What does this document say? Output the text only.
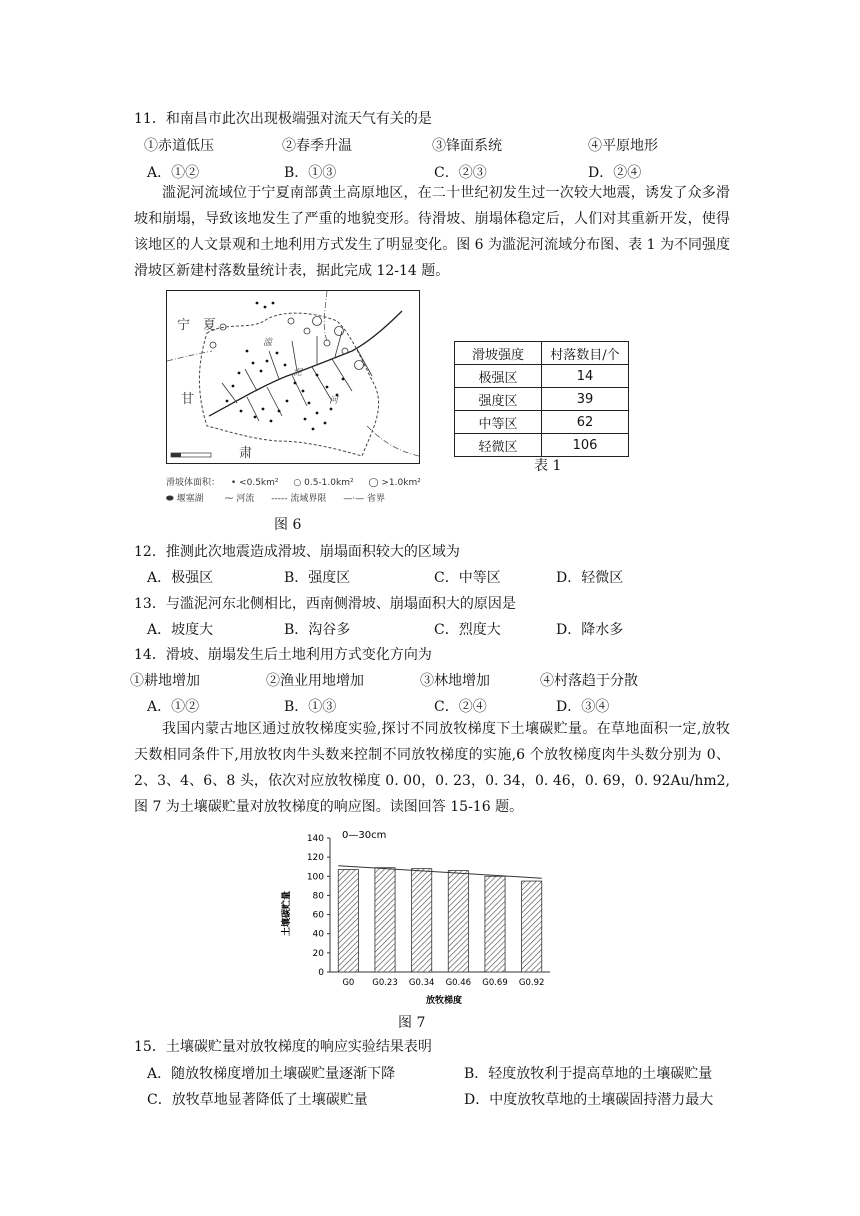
11．和南昌市此次出现极端强对流天气有关的是
①赤道低压	②春季升温	③锋面系统	④平原地形
A．①②	B．①③	C．②③	D．②④
滥泥河流域位于宁夏南部黄土高原地区，在二十世纪初发生过一次较大地震，诱发了众多滑坡和崩塌，导致该地发生了严重的地貌变形。待滑坡、崩塌体稳定后，人们对其重新开发，使得该地区的人文景观和土地利用方式发生了明显变化。图 6 为滥泥河流域分布图、表 1 为不同强度滑坡区新建村落数量统计表，据此完成 12-14 题。
宁 夏
甘
肃
滥
泥
河
滑坡体面积： • <0.5km² ○ 0.5-1.0km² ◯ >1.0km²
⬬ 堰塞湖 ⁓ 河流 ----- 流域界限 —·— 省界
图 6
滑坡强度	村落数目/个
极强区	14
强度区	39
中等区	62
轻微区	106
表 1
12．推测此次地震造成滑坡、崩塌面积较大的区域为
A．极强区	B．强度区	C．中等区	D．轻微区
13．与滥泥河东北侧相比，西南侧滑坡、崩塌面积大的原因是
A．坡度大	B．沟谷多	C．烈度大	D．降水多
14．滑坡、崩塌发生后土地利用方式变化方向为
①耕地增加	②渔业用地增加	③林地增加	④村落趋于分散
A．①②	B．①③	C．②④	D．③④
我国内蒙古地区通过放牧梯度实验,探讨不同放牧梯度下土壤碳贮量。在草地面积一定,放牧天数相同条件下,用放牧肉牛头数来控制不同放牧梯度的实施,6 个放牧梯度肉牛头数分别为 0、2、3、4、6、8 头，依次对应放牧梯度 0. 00，0. 23，0. 34，0. 46，0. 69，0. 92Au/hm2,图 7 为土壤碳贮量对放牧梯度的响应图。读图回答 15-16 题。
0
20
40
60
80
100
120
140
G0 G0.23 G0.34 G0.46 G0.69 G0.92
0—30cm
放牧梯度
土壤碳贮量
图 7
15．土壤碳贮量对放牧梯度的响应实验结果表明
A．随放牧梯度增加土壤碳贮量逐渐下降	B．轻度放牧利于提高草地的土壤碳贮量
C．放牧草地显著降低了土壤碳贮量	D．中度放牧草地的土壤碳固持潜力最大
